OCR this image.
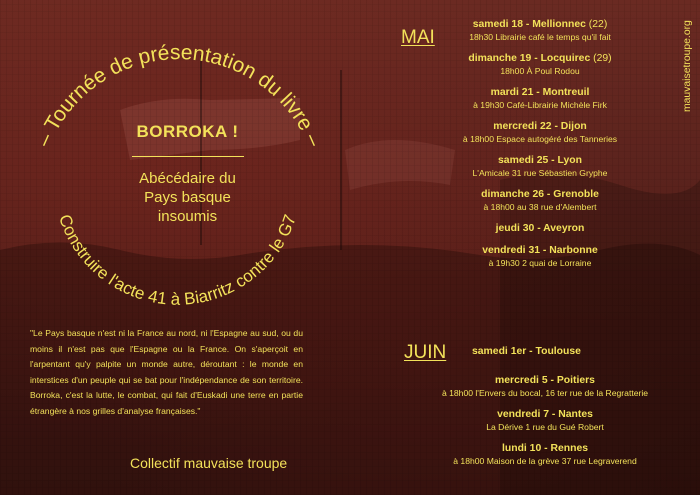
– Tournée de présentation du livre –
Construire l'acte 41 à Biarritz contre le G7
BORROKA !
Abécédaire du
Pays basque
insoumis
"Le Pays basque n'est ni la France au nord, ni l'Espagne au sud, ou du moins il n'est pas que l'Espagne ou la France. On s'aperçoit en l'arpentant qu'y palpite un monde autre, déroutant : le monde en interstices d'un peuple qui se bat pour l'indépendance de son territoire. Borroka, c'est la lutte, le combat, qui fait d'Euskadi une terre en partie étrangère à nos grilles d'analyse françaises."
Collectif mauvaise troupe
MAI
samedi 18 - Mellionnec (22)
18h30 Librairie café le temps qu'il fait
dimanche 19 - Locquirec (29)
18h00 À Poul Rodou
mardi 21 - Montreuil
à 19h30 Café-Librairie Michèle Firk
mercredi 22 - Dijon
à 18h00 Espace autogéré des Tanneries
samedi 25 - Lyon
L'Amicale 31 rue Sébastien Gryphe
dimanche 26 - Grenoble
à 18h00 au 38 rue d'Alembert
jeudi 30 - Aveyron
vendredi 31 - Narbonne
à 19h30 2 quai de Lorraine
JUIN samedi 1er - Toulouse
mercredi 5 - Poitiers
à 18h00 l'Envers du bocal, 16 ter rue de la Regratterie
vendredi 7 - Nantes
La Dérive 1 rue du Gué Robert
lundi 10 - Rennes
à 18h00 Maison de la grève 37 rue Legraverend
mauvaisetroupe.org
